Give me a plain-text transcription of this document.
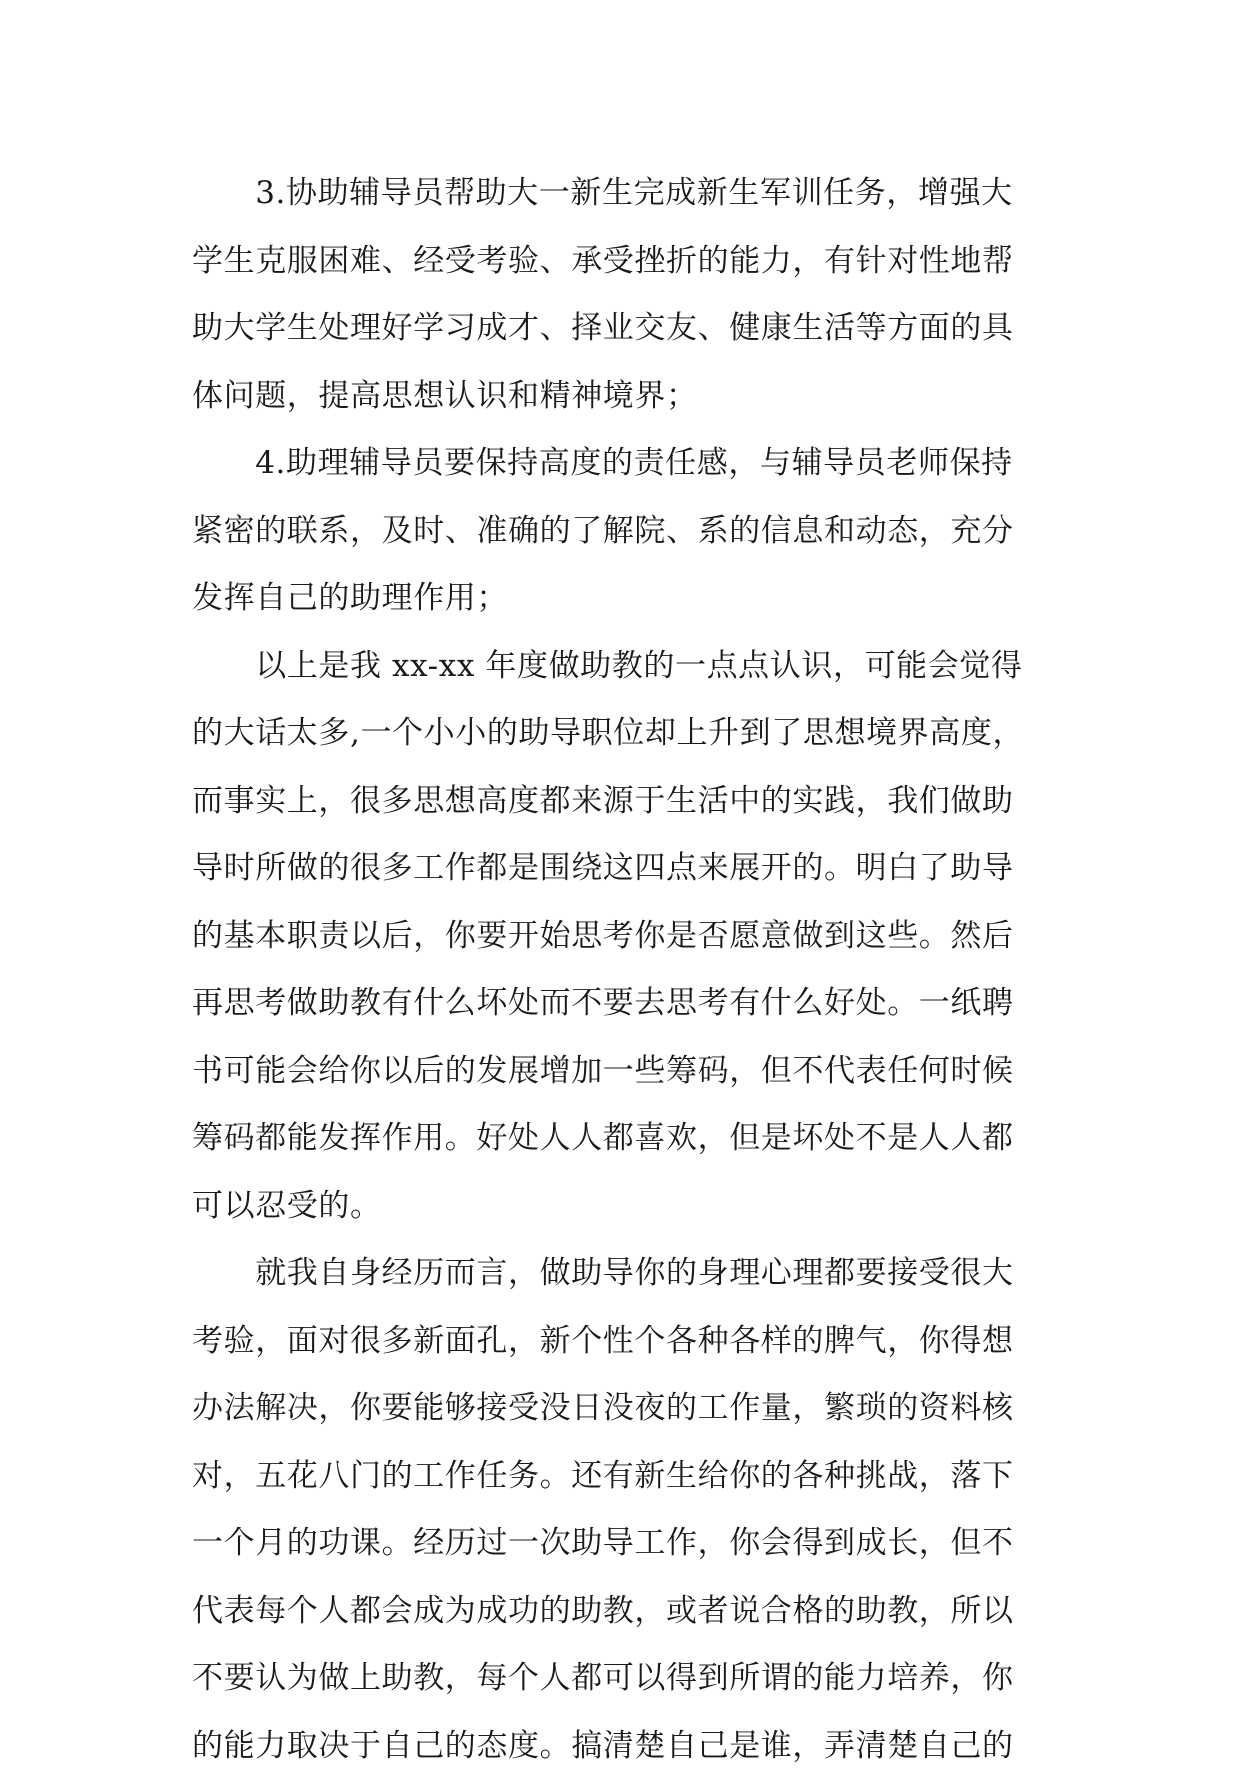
　　3.协助辅导员帮助大一新生完成新生军训任务，增强大
学生克服困难、经受考验、承受挫折的能力，有针对性地帮
助大学生处理好学习成才、择业交友、健康生活等方面的具
体问题，提高思想认识和精神境界；
　　4.助理辅导员要保持高度的责任感，与辅导员老师保持
紧密的联系，及时、准确的了解院、系的信息和动态，充分
发挥自己的助理作用；
　　以上是我 xx-xx 年度做助教的一点点认识，可能会觉得
的大话太多,一个小小的助导职位却上升到了思想境界高度，
而事实上，很多思想高度都来源于生活中的实践，我们做助
导时所做的很多工作都是围绕这四点来展开的。明白了助导
的基本职责以后，你要开始思考你是否愿意做到这些。然后
再思考做助教有什么坏处而不要去思考有什么好处。一纸聘
书可能会给你以后的发展增加一些筹码，但不代表任何时候
筹码都能发挥作用。好处人人都喜欢，但是坏处不是人人都
可以忍受的。
　　就我自身经历而言，做助导你的身理心理都要接受很大
考验，面对很多新面孔，新个性个各种各样的脾气，你得想
办法解决，你要能够接受没日没夜的工作量，繁琐的资料核
对，五花八门的工作任务。还有新生给你的各种挑战，落下
一个月的功课。经历过一次助导工作，你会得到成长，但不
代表每个人都会成为成功的助教，或者说合格的助教，所以
不要认为做上助教，每个人都可以得到所谓的能力培养，你
的能力取决于自己的态度。搞清楚自己是谁，弄清楚自己的
